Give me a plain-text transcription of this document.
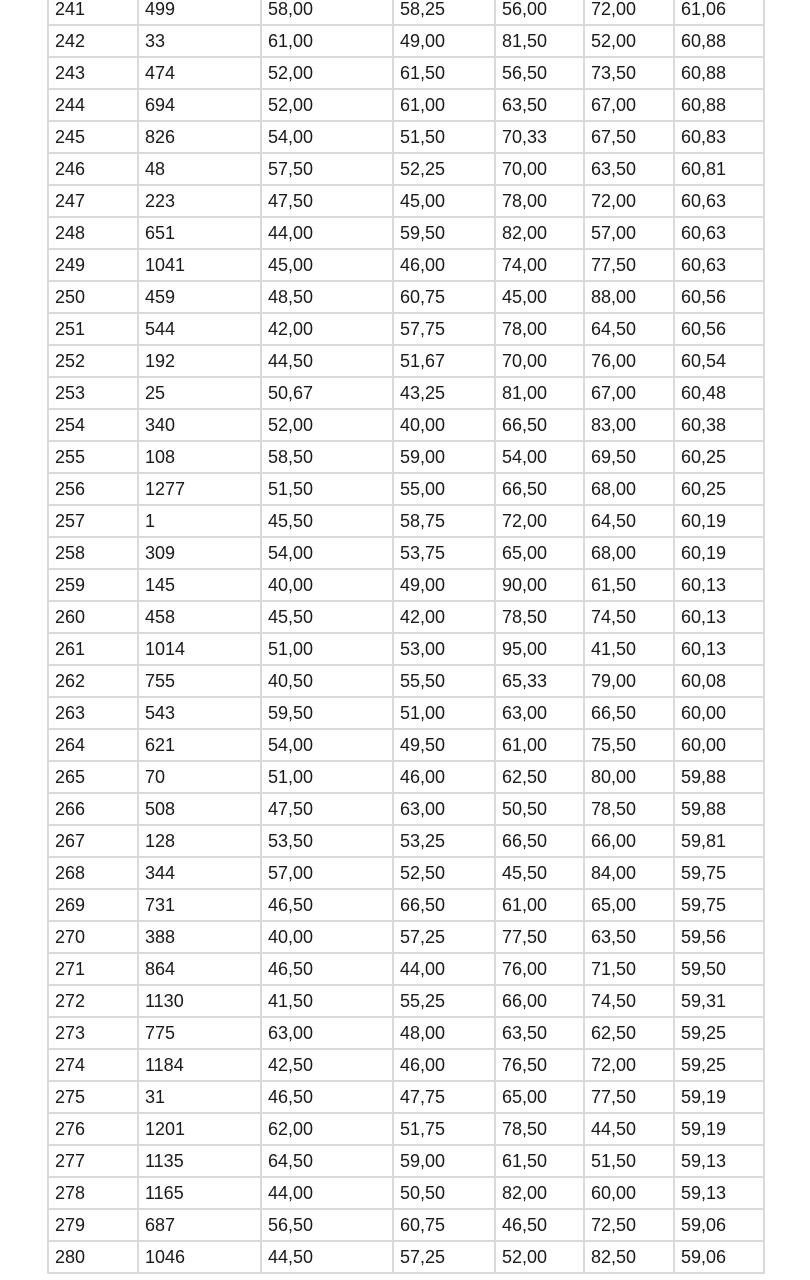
241	499	58,00	58,25	56,00	72,00	61,06
242	33	61,00	49,00	81,50	52,00	60,88
243	474	52,00	61,50	56,50	73,50	60,88
244	694	52,00	61,00	63,50	67,00	60,88
245	826	54,00	51,50	70,33	67,50	60,83
246	48	57,50	52,25	70,00	63,50	60,81
247	223	47,50	45,00	78,00	72,00	60,63
248	651	44,00	59,50	82,00	57,00	60,63
249	1041	45,00	46,00	74,00	77,50	60,63
250	459	48,50	60,75	45,00	88,00	60,56
251	544	42,00	57,75	78,00	64,50	60,56
252	192	44,50	51,67	70,00	76,00	60,54
253	25	50,67	43,25	81,00	67,00	60,48
254	340	52,00	40,00	66,50	83,00	60,38
255	108	58,50	59,00	54,00	69,50	60,25
256	1277	51,50	55,00	66,50	68,00	60,25
257	1	45,50	58,75	72,00	64,50	60,19
258	309	54,00	53,75	65,00	68,00	60,19
259	145	40,00	49,00	90,00	61,50	60,13
260	458	45,50	42,00	78,50	74,50	60,13
261	1014	51,00	53,00	95,00	41,50	60,13
262	755	40,50	55,50	65,33	79,00	60,08
263	543	59,50	51,00	63,00	66,50	60,00
264	621	54,00	49,50	61,00	75,50	60,00
265	70	51,00	46,00	62,50	80,00	59,88
266	508	47,50	63,00	50,50	78,50	59,88
267	128	53,50	53,25	66,50	66,00	59,81
268	344	57,00	52,50	45,50	84,00	59,75
269	731	46,50	66,50	61,00	65,00	59,75
270	388	40,00	57,25	77,50	63,50	59,56
271	864	46,50	44,00	76,00	71,50	59,50
272	1130	41,50	55,25	66,00	74,50	59,31
273	775	63,00	48,00	63,50	62,50	59,25
274	1184	42,50	46,00	76,50	72,00	59,25
275	31	46,50	47,75	65,00	77,50	59,19
276	1201	62,00	51,75	78,50	44,50	59,19
277	1135	64,50	59,00	61,50	51,50	59,13
278	1165	44,00	50,50	82,00	60,00	59,13
279	687	56,50	60,75	46,50	72,50	59,06
280	1046	44,50	57,25	52,00	82,50	59,06
